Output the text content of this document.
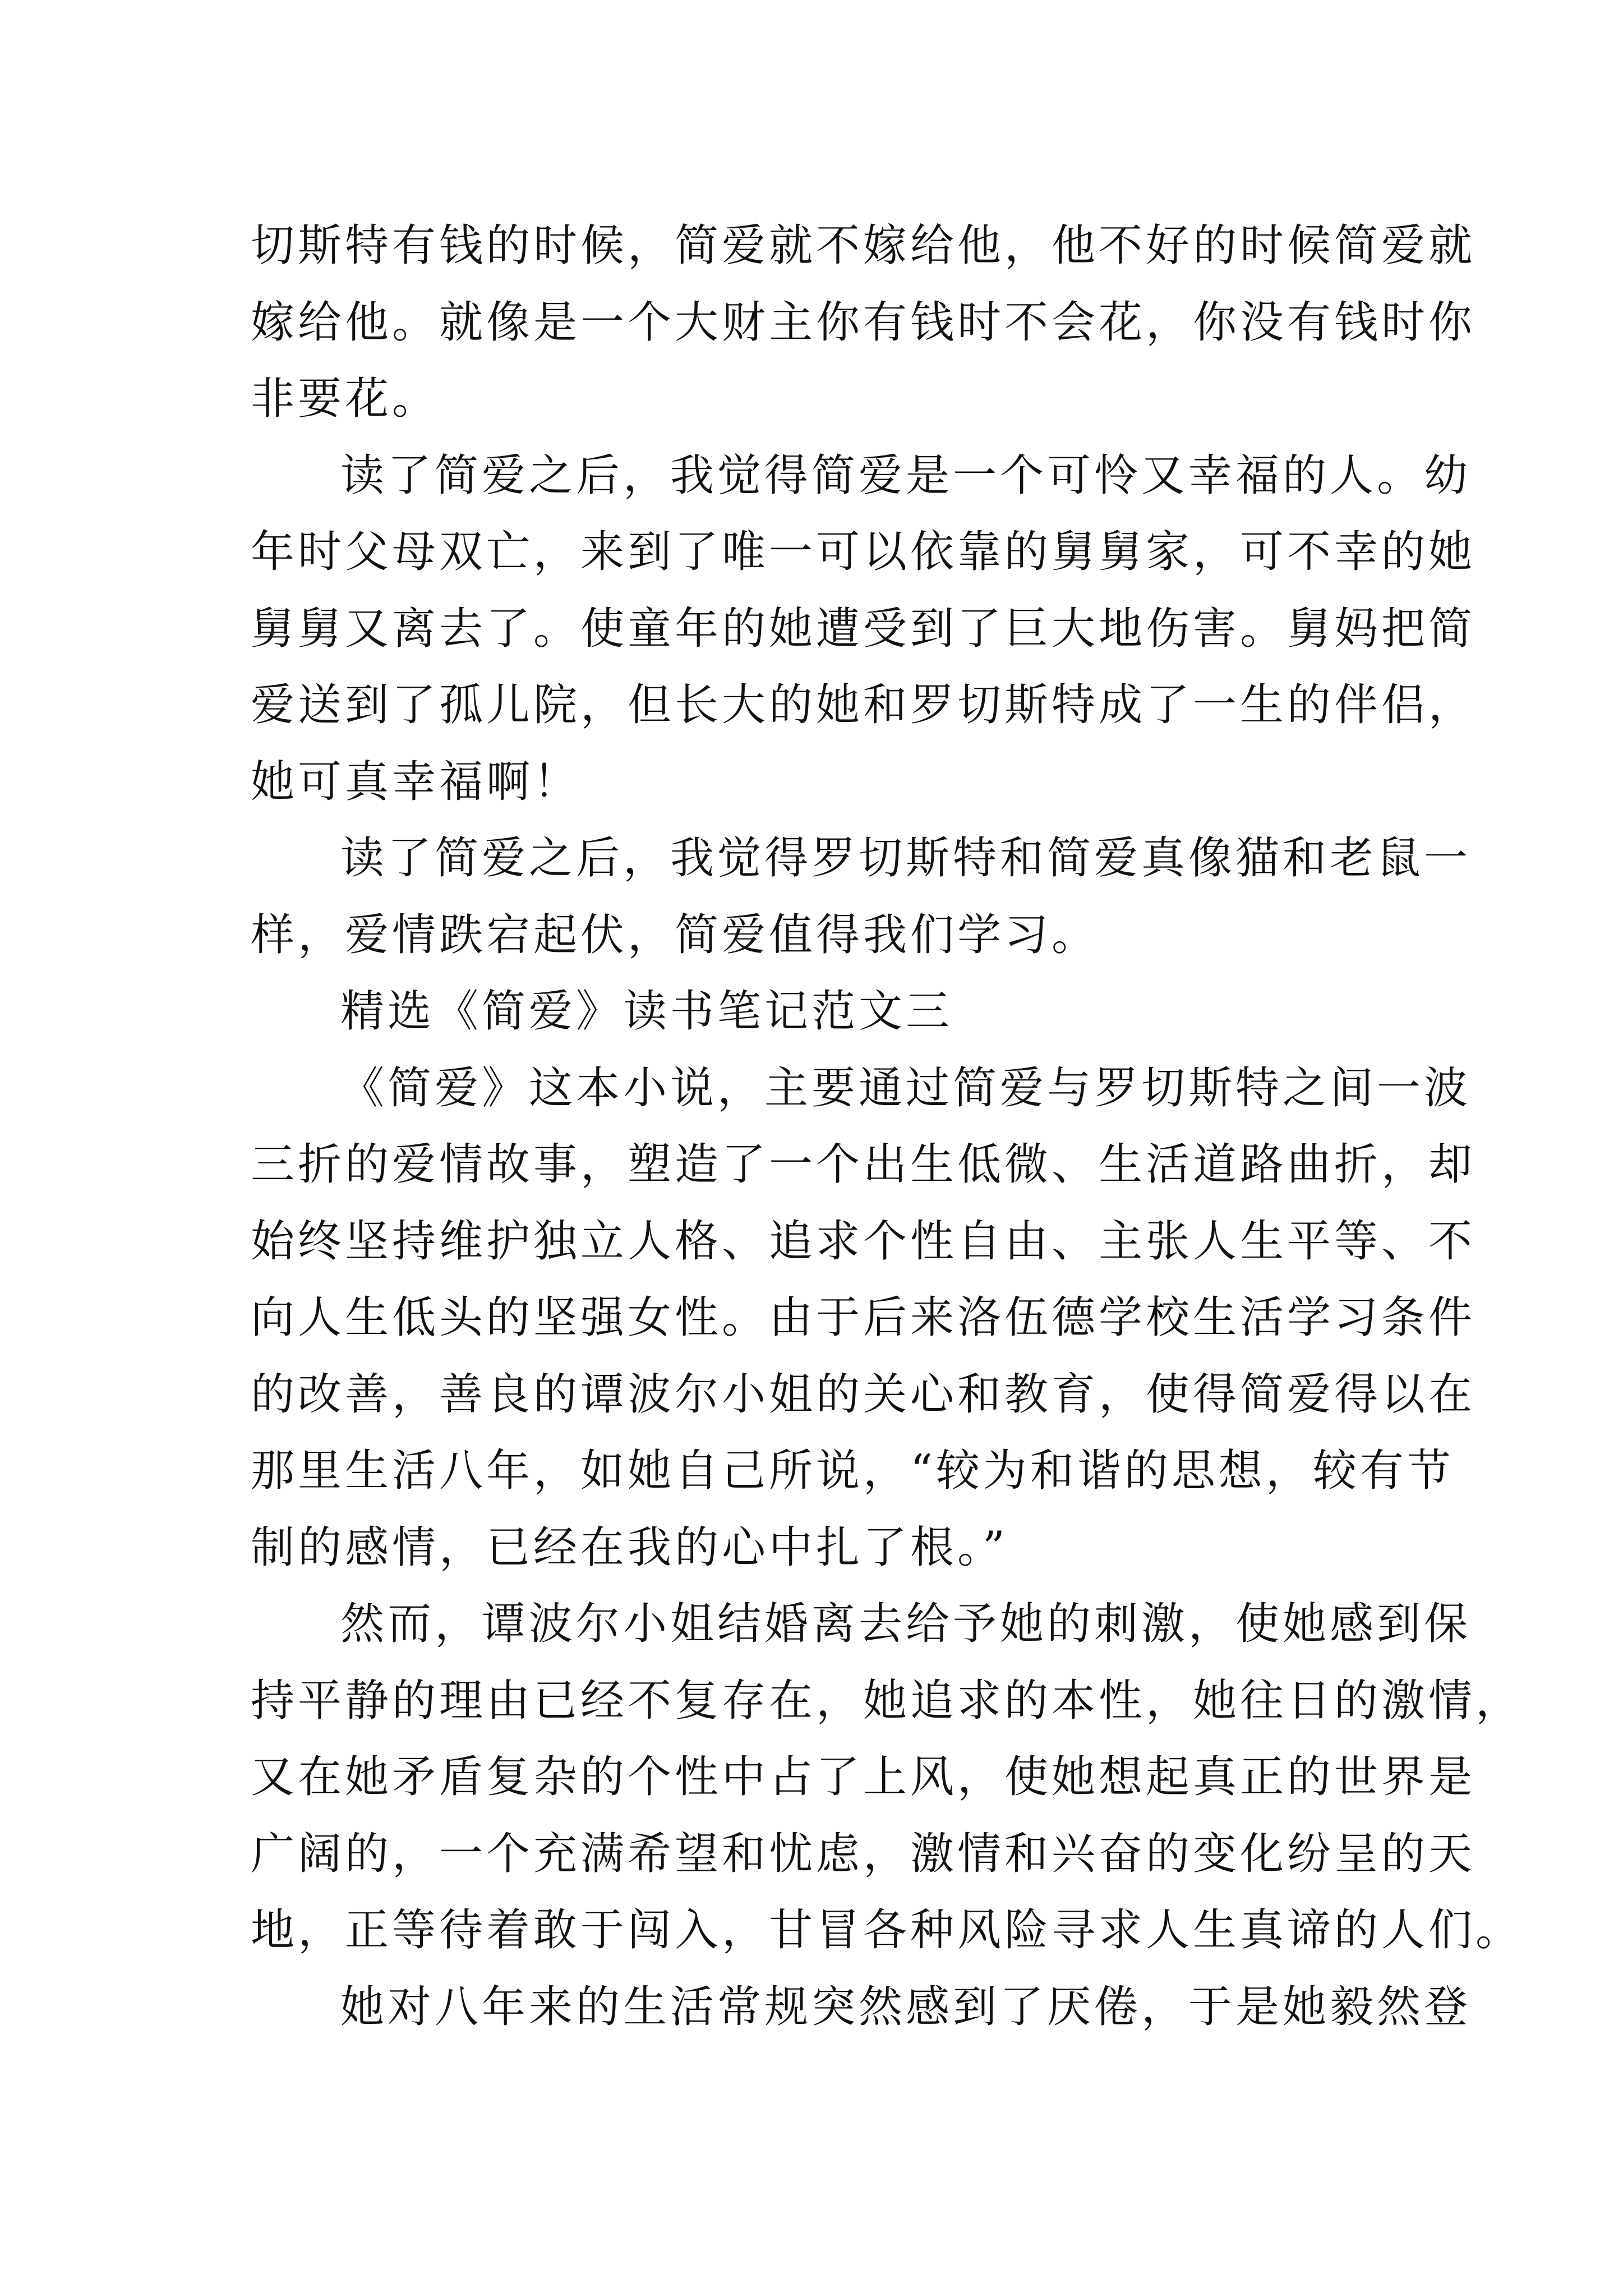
切斯特有钱的时候，简爱就不嫁给他，他不好的时候简爱就
嫁给他。就像是一个大财主你有钱时不会花，你没有钱时你
非要花。
读了简爱之后，我觉得简爱是一个可怜又幸福的人。幼
年时父母双亡，来到了唯一可以依靠的舅舅家，可不幸的她
舅舅又离去了。使童年的她遭受到了巨大地伤害。舅妈把简
爱送到了孤儿院，但长大的她和罗切斯特成了一生的伴侣，
她可真幸福啊！
读了简爱之后，我觉得罗切斯特和简爱真像猫和老鼠一
样，爱情跌宕起伏，简爱值得我们学习。
精选《简爱》读书笔记范文三
《简爱》这本小说，主要通过简爱与罗切斯特之间一波
三折的爱情故事，塑造了一个出生低微、生活道路曲折，却
始终坚持维护独立人格、追求个性自由、主张人生平等、不
向人生低头的坚强女性。由于后来洛伍德学校生活学习条件
的改善，善良的谭波尔小姐的关心和教育，使得简爱得以在
那里生活八年，如她自己所说，“较为和谐的思想，较有节
制的感情，已经在我的心中扎了根。”
然而，谭波尔小姐结婚离去给予她的刺激，使她感到保
持平静的理由已经不复存在，她追求的本性，她往日的激情，
又在她矛盾复杂的个性中占了上风，使她想起真正的世界是
广阔的，一个充满希望和忧虑，激情和兴奋的变化纷呈的天
地，正等待着敢于闯入，甘冒各种风险寻求人生真谛的人们。
她对八年来的生活常规突然感到了厌倦，于是她毅然登
